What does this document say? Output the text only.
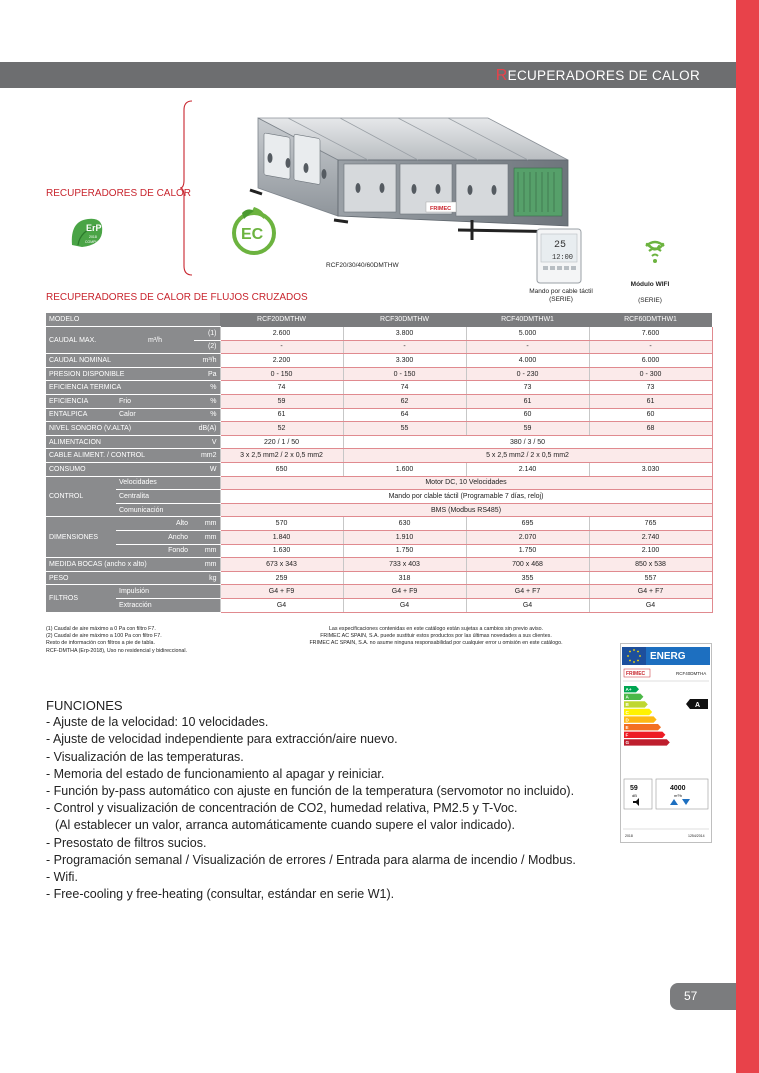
RECUPERADORES DE CALOR
RECUPERADORES DE CALOR
ErP
2018
COMPLIANT
FRIMEC
EC
RCF20/30/40/60DMTHW
25
12:00
Mando por cable táctil
(SERIE)
Módulo WIFI
(SERIE)
RECUPERADORES DE CALOR DE FLUJOS CRUZADOS
MODELO			RCF20DMTHW	RCF30DMTHW	RCF40DMTHW1	RCF60DMTHW1
CAUDAL MAX.	m³/h	(1)	2.600	3.800	5.000	7.600
		(2)	-	-	-	-
CAUDAL NOMINAL		m³/h	2.200	3.300	4.000	6.000
PRESION DISPONIBLE		Pa	0 - 150	0 - 150	0 - 230	0 - 300
EFICIENCIA TERMICA		%	74	74	73	73
EFICIENCIA	Frio	%	59	62	61	61
ENTALPICA	Calor	%	61	64	60	60
NIVEL SONORO (V.ALTA)		dB(A)	52	55	59	68
ALIMENTACION		V	220 / 1 / 50	380 / 3 / 50		
CABLE ALIMENT. / CONTROL		mm2	3 x 2,5 mm2 / 2 x 0,5 mm2	5 x 2,5 mm2 / 2 x 0,5 mm2		
CONSUMO		W	650	1.600	2.140	3.030
CONTROL	Velocidades		Motor DC, 10 Velocidades			
	Centralita		Mando por clable táctil (Programable 7 días, reloj)			
	Comunicación		BMS (Modbus RS485)			
DIMENSIONES	Alto	mm	570	630	695	765
	Ancho	mm	1.840	1.910	2.070	2.740
	Fondo	mm	1.630	1.750	1.750	2.100
MEDIDA BOCAS (ancho x alto)		mm	673 x 343	733 x 403	700 x 468	850 x 538
PESO		kg	259	318	355	557
FILTROS	Impulsión		G4 + F9	G4 + F9	G4 + F7	G4 + F7
	Extracción		G4	G4	G4	G4
(1) Caudal de aire máximo a 0 Pa con filtro F7.
(2) Caudal de aire máximo a 100 Pa con filtro F7.
Resto de información con filtros a pie de tabla.
RCF-DMTHA (Erp-2018), Uso no residencial y bidireccional.
Las especificaciones contenidas en este catálogo están sujetas a cambios sin previo aviso.
FRIMEC AC SPAIN, S.A. puede sustituir estos productos por las últimas novedades a sus clientes.
FRIMEC AC SPAIN, S.A. no asume ninguna responsabilidad por cualquier error u omisión en este catálogo.
ENERG
FRIMEC	RCF40DMTHA
A+
A
B
C
D
E
F
G
A
59
dB
4000
m³/h
2018	1254/2014
FUNCIONES
- Ajuste de la velocidad: 10 velocidades.
- Ajuste de velocidad independiente para extracción/aire nuevo.
- Visualización de las temperaturas.
- Memoria del estado de funcionamiento al apagar y reiniciar.
- Función by-pass automático con ajuste en función de la temperatura (servomotor no incluido).
- Control y visualización de concentración de CO2, humedad relativa, PM2.5 y T-Voc.
(Al establecer un valor, arranca automáticamente cuando supere el valor indicado).
- Presostato de filtros sucios.
- Programación semanal / Visualización de errores / Entrada para alarma de incendio / Modbus.
- Wifi.
- Free-cooling y free-heating (consultar, estándar en serie W1).
57
